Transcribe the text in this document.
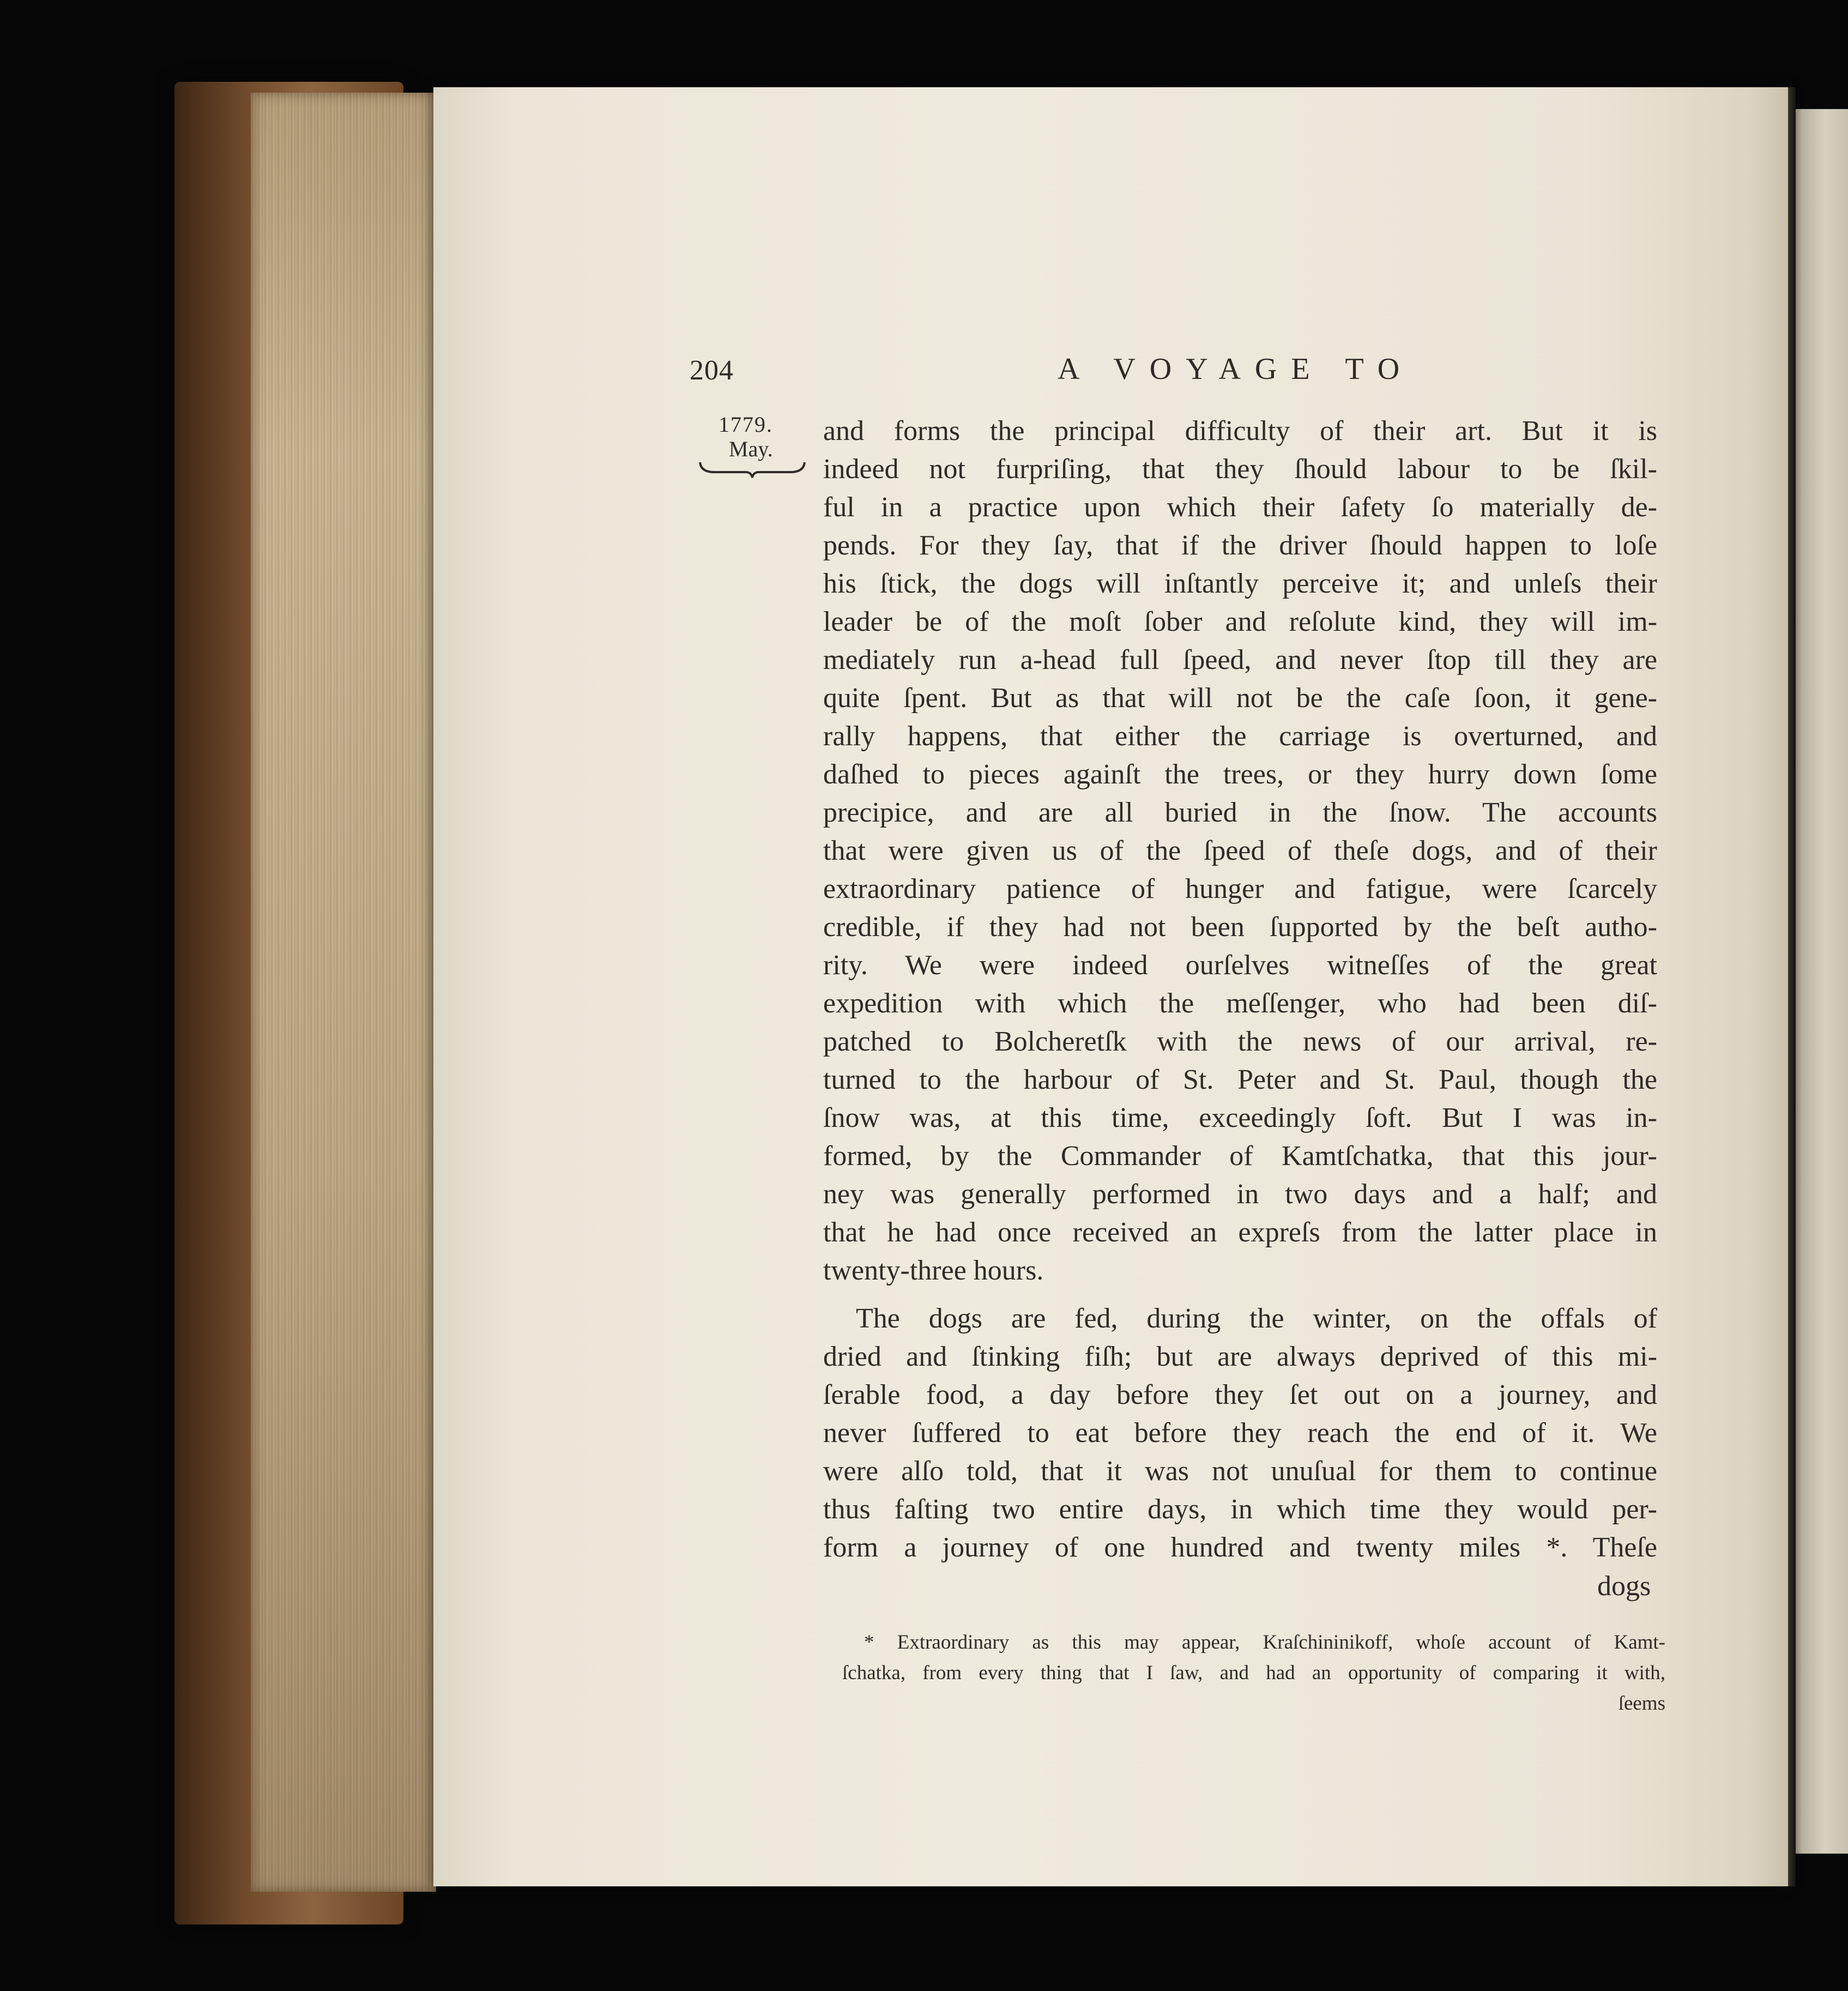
204	A VOYAGE TO
1779.
May.
and forms the principal difficulty of their art. But it is
indeed not furpriſing, that they ſhould labour to be ſkil-
ful in a practice upon which their ſafety ſo materially de-
pends. For they ſay, that if the driver ſhould happen to loſe
his ſtick, the dogs will inſtantly perceive it; and unleſs their
leader be of the moſt ſober and reſolute kind, they will im-
mediately run a-head full ſpeed, and never ſtop till they are
quite ſpent. But as that will not be the caſe ſoon, it gene-
rally happens, that either the carriage is overturned, and
daſhed to pieces againſt the trees, or they hurry down ſome
precipice, and are all buried in the ſnow. The accounts
that were given us of the ſpeed of theſe dogs, and of their
extraordinary patience of hunger and fatigue, were ſcarcely
credible, if they had not been ſupported by the beſt autho-
rity. We were indeed ourſelves witneſſes of the great
expedition with which the meſſenger, who had been diſ-
patched to Bolcheretſk with the news of our arrival, re-
turned to the harbour of St. Peter and St. Paul, though the
ſnow was, at this time, exceedingly ſoft. But I was in-
formed, by the Commander of Kamtſchatka, that this jour-
ney was generally performed in two days and a half; and
that he had once received an expreſs from the latter place in
twenty-three hours.
The dogs are fed, during the winter, on the offals of
dried and ſtinking fiſh; but are always deprived of this mi-
ſerable food, a day before they ſet out on a journey, and
never ſuffered to eat before they reach the end of it. We
were alſo told, that it was not unuſual for them to continue
thus faſting two entire days, in which time they would per-
form a journey of one hundred and twenty miles *. Theſe
dogs
* Extraordinary as this may appear, Kraſchininikoff, whoſe account of Kamt-
ſchatka, from every thing that I ſaw, and had an opportunity of comparing it with,
ſeems
